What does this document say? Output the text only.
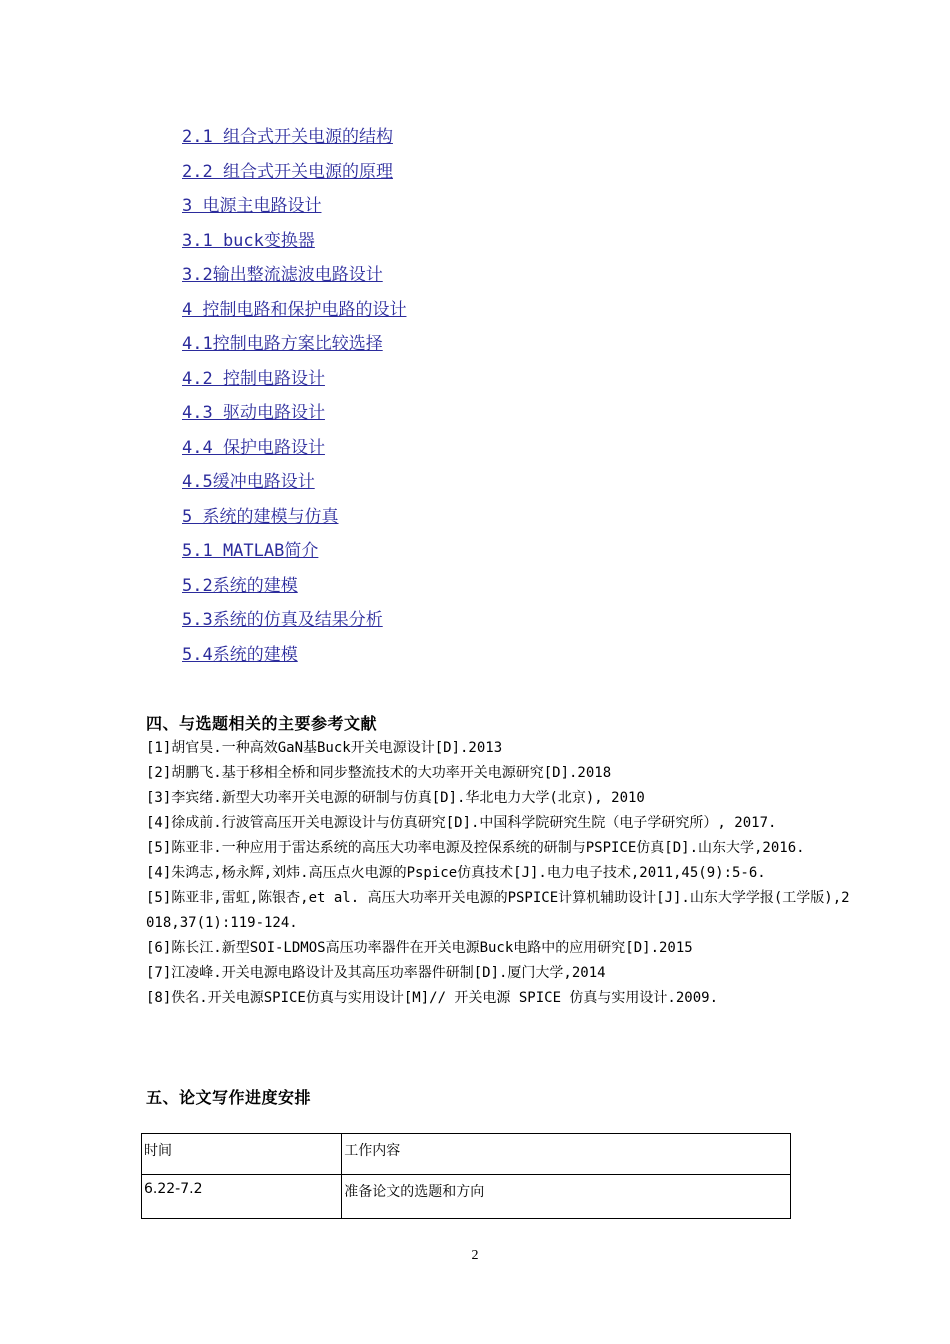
2.1 组合式开关电源的结构
2.2 组合式开关电源的原理
3 电源主电路设计
3.1 buck变换器
3.2输出整流滤波电路设计
4 控制电路和保护电路的设计
4.1控制电路方案比较选择
4.2 控制电路设计
4.3 驱动电路设计
4.4 保护电路设计
4.5缓冲电路设计
5 系统的建模与仿真
5.1 MATLAB简介
5.2系统的建模
5.3系统的仿真及结果分析
5.4系统的建模
四、与选题相关的主要参考文献
[1]胡官昊.一种高效GaN基Buck开关电源设计[D].2013
[2]胡鹏飞.基于移相全桥和同步整流技术的大功率开关电源研究[D].2018
[3]李宾绪.新型大功率开关电源的研制与仿真[D].华北电力大学(北京), 2010
[4]徐成前.行波管高压开关电源设计与仿真研究[D].中国科学院研究生院（电子学研究所）, 2017.
[5]陈亚非.一种应用于雷达系统的高压大功率电源及控保系统的研制与PSPICE仿真[D].山东大学,2016.
[4]朱鸿志,杨永辉,刘炜.高压点火电源的Pspice仿真技术[J].电力电子技术,2011,45(9):5-6.
[5]陈亚非,雷虹,陈银杏,et al. 高压大功率开关电源的PSPICE计算机辅助设计[J].山东大学学报(工学版),2018,37(1):119-124.
[6]陈长江.新型SOI-LDMOS高压功率器件在开关电源Buck电路中的应用研究[D].2015
[7]江凌峰.开关电源电路设计及其高压功率器件研制[D].厦门大学,2014
[8]佚名.开关电源SPICE仿真与实用设计[M]// 开关电源 SPICE 仿真与实用设计.2009.
五、论文写作进度安排
时间	工作内容
6.22-7.2	准备论文的选题和方向
2
